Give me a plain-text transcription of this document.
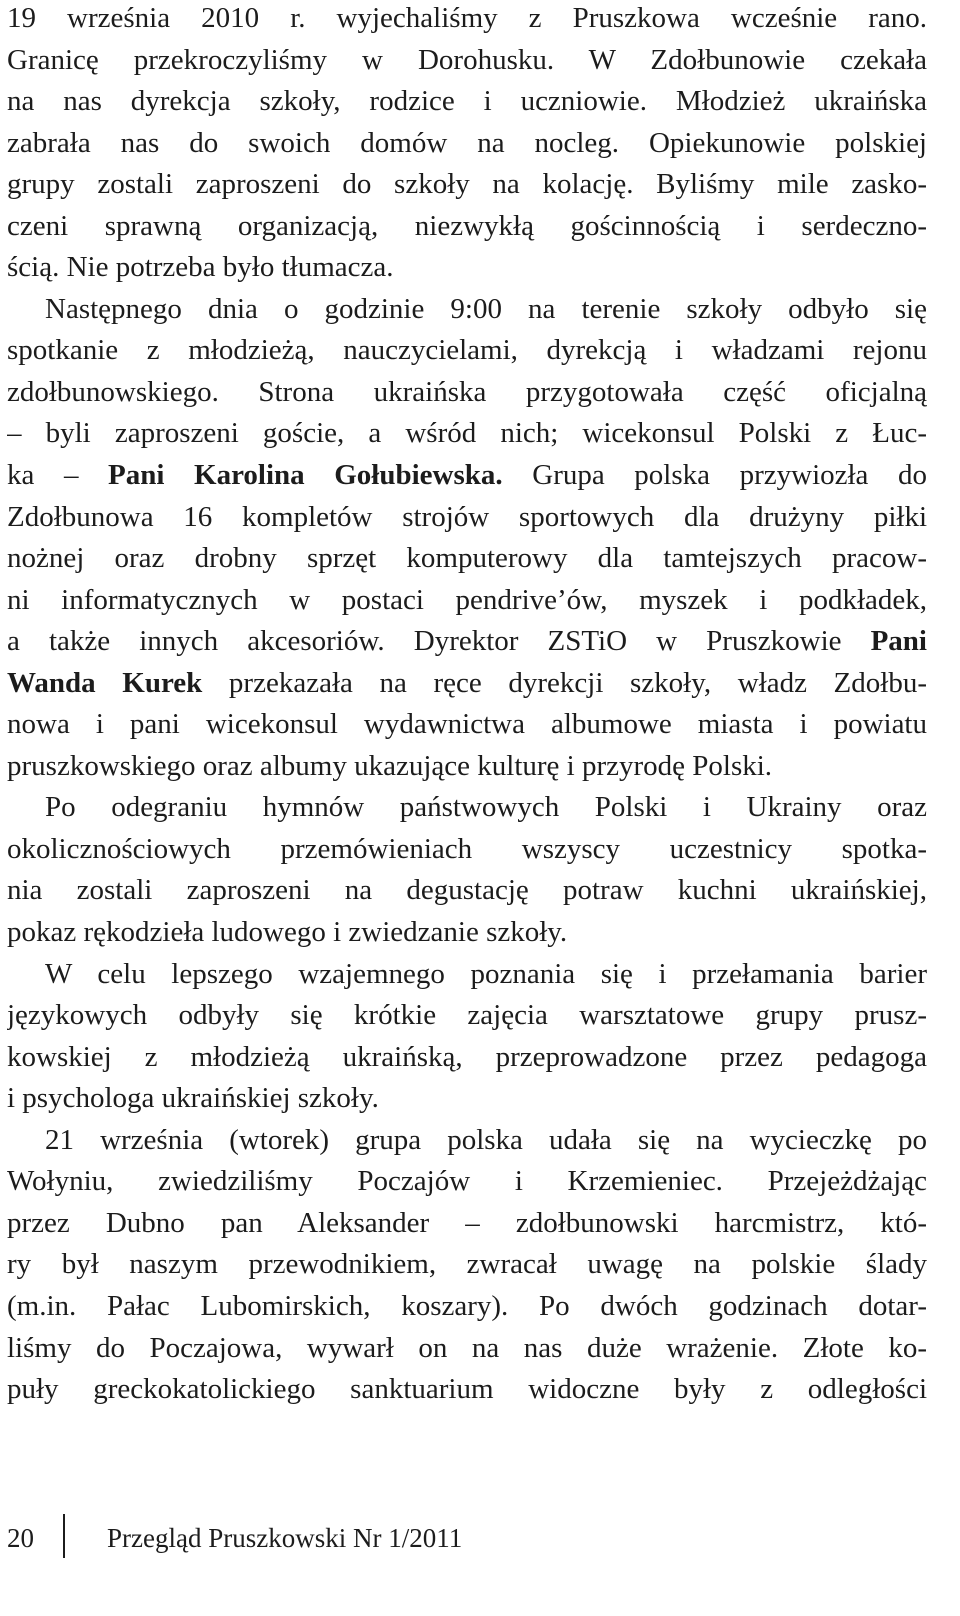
19 września 2010 r. wyjechaliśmy z Pruszkowa wcześnie rano.
Granicę przekroczyliśmy w Dorohusku. W Zdołbunowie czekała
na nas dyrekcja szkoły, rodzice i uczniowie. Młodzież ukraińska
zabrała nas do swoich domów na nocleg. Opiekunowie polskiej
grupy zostali zaproszeni do szkoły na kolację. Byliśmy mile zasko-
czeni sprawną organizacją, niezwykłą gościnnością i serdeczno-
ścią. Nie potrzeba było tłumacza.
Następnego dnia o godzinie 9:00 na terenie szkoły odbyło się
spotkanie z młodzieżą, nauczycielami, dyrekcją i władzami rejonu
zdołbunowskiego. Strona ukraińska przygotowała część oficjalną
– byli zaproszeni goście, a wśród nich; wicekonsul Polski z Łuc-
ka – Pani Karolina Gołubiewska. Grupa polska przywiozła do
Zdołbunowa 16 kompletów strojów sportowych dla drużyny piłki
nożnej oraz drobny sprzęt komputerowy dla tamtejszych pracow-
ni informatycznych w postaci pendrive’ów, myszek i podkładek,
a także innych akcesoriów. Dyrektor ZSTiO w Pruszkowie Pani
Wanda Kurek przekazała na ręce dyrekcji szkoły, władz Zdołbu-
nowa i pani wicekonsul wydawnictwa albumowe miasta i powiatu
pruszkowskiego oraz albumy ukazujące kulturę i przyrodę Polski.
Po odegraniu hymnów państwowych Polski i Ukrainy oraz
okolicznościowych przemówieniach wszyscy uczestnicy spotka-
nia zostali zaproszeni na degustację potraw kuchni ukraińskiej,
pokaz rękodzieła ludowego i zwiedzanie szkoły.
W celu lepszego wzajemnego poznania się i przełamania barier
językowych odbyły się krótkie zajęcia warsztatowe grupy prusz-
kowskiej z młodzieżą ukraińską, przeprowadzone przez pedagoga
i psychologa ukraińskiej szkoły.
21 września (wtorek) grupa polska udała się na wycieczkę po
Wołyniu, zwiedziliśmy Poczajów i Krzemieniec. Przejeżdżając
przez Dubno pan Aleksander – zdołbunowski harcmistrz, któ-
ry był naszym przewodnikiem, zwracał uwagę na polskie ślady
(m.in. Pałac Lubomirskich, koszary). Po dwóch godzinach dotar-
liśmy do Poczajowa, wywarł on na nas duże wrażenie. Złote ko-
puły greckokatolickiego sanktuarium widoczne były z odległości
20	Przegląd Pruszkowski Nr 1/2011
